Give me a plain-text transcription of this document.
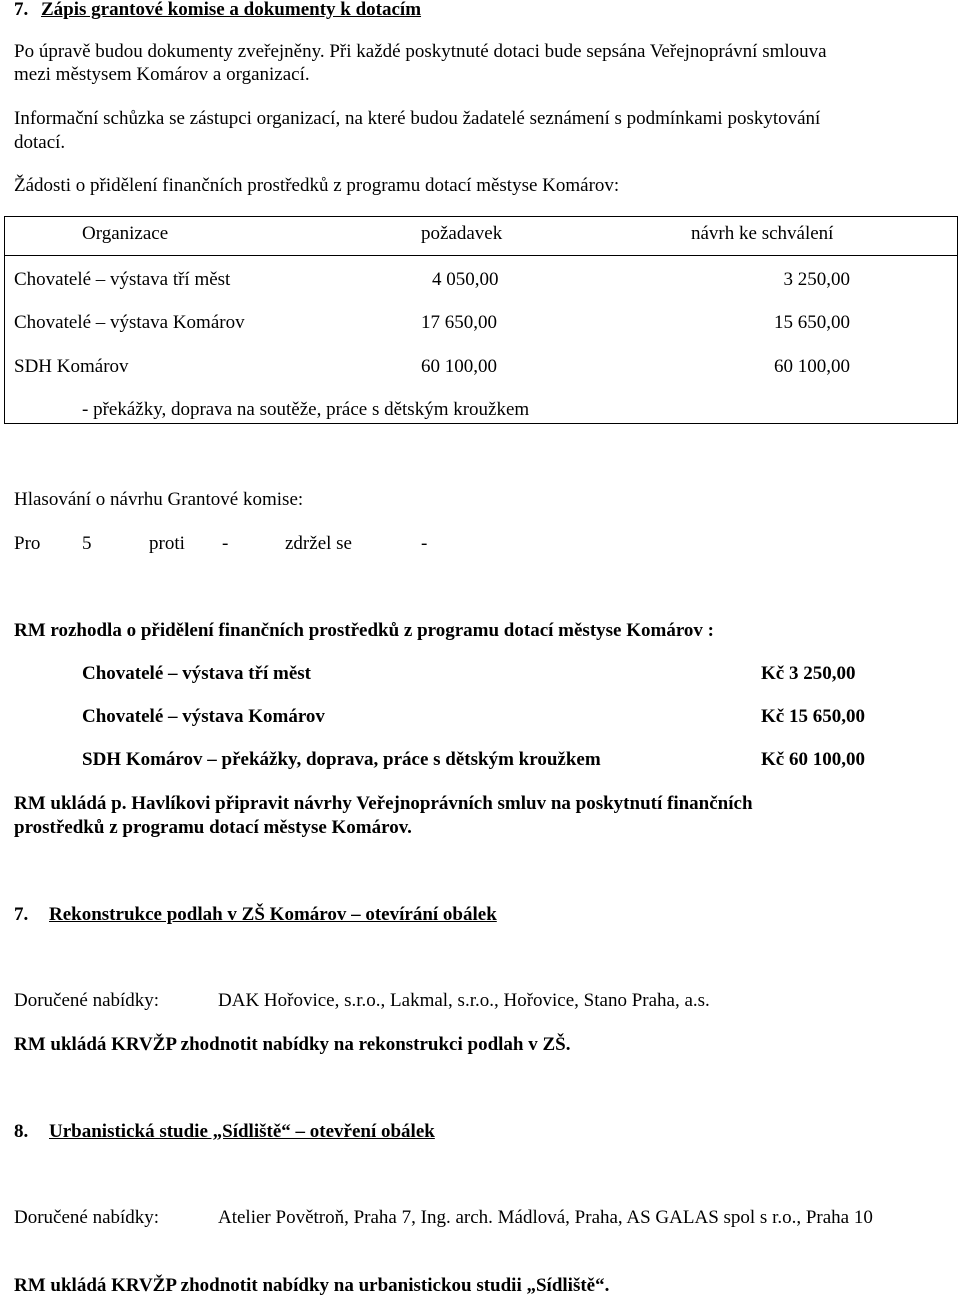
7. Zápis grantové komise a dokumenty k dotacím
Po úpravě budou dokumenty zveřejněny. Při každé poskytnuté dotaci bude sepsána Veřejnoprávní smlouva
mezi městysem Komárov a organizací.
Informační schůzka se zástupci organizací, na které budou žadatelé seznámení s podmínkami poskytování
dotací.
Žádosti o přidělení finančních prostředků z programu dotací městyse Komárov:
Organizace	požadavek	návrh ke schválení
Chovatelé – výstava tří měst	4 050,00	3 250,00
Chovatelé – výstava Komárov	17 650,00	15 650,00
SDH Komárov	60 100,00	60 100,00
- překážky, doprava na soutěže, práce s dětským kroužkem
Hlasování o návrhu Grantové komise:
Pro 5	proti -	zdržel se	-
RM rozhodla o přidělení finančních prostředků z programu dotací městyse Komárov :
Chovatelé – výstava tří měst	Kč 3 250,00
Chovatelé – výstava Komárov	Kč 15 650,00
SDH Komárov – překážky, doprava, práce s dětským kroužkem	Kč 60 100,00
RM ukládá p. Havlíkovi připravit návrhy Veřejnoprávních smluv na poskytnutí finančních
prostředků z programu dotací městyse Komárov.
7. Rekonstrukce podlah v ZŠ Komárov – otevírání obálek
Doručené nabídky:	DAK Hořovice, s.r.o., Lakmal, s.r.o., Hořovice, Stano Praha, a.s.
RM ukládá KRVŽP zhodnotit nabídky na rekonstrukci podlah v ZŠ.
8. Urbanistická studie „Sídliště“ – otevření obálek
Doručené nabídky:	Atelier Povětroň, Praha 7, Ing. arch. Mádlová, Praha, AS GALAS spol s r.o., Praha 10
RM ukládá KRVŽP zhodnotit nabídky na urbanistickou studii „Sídliště“.
